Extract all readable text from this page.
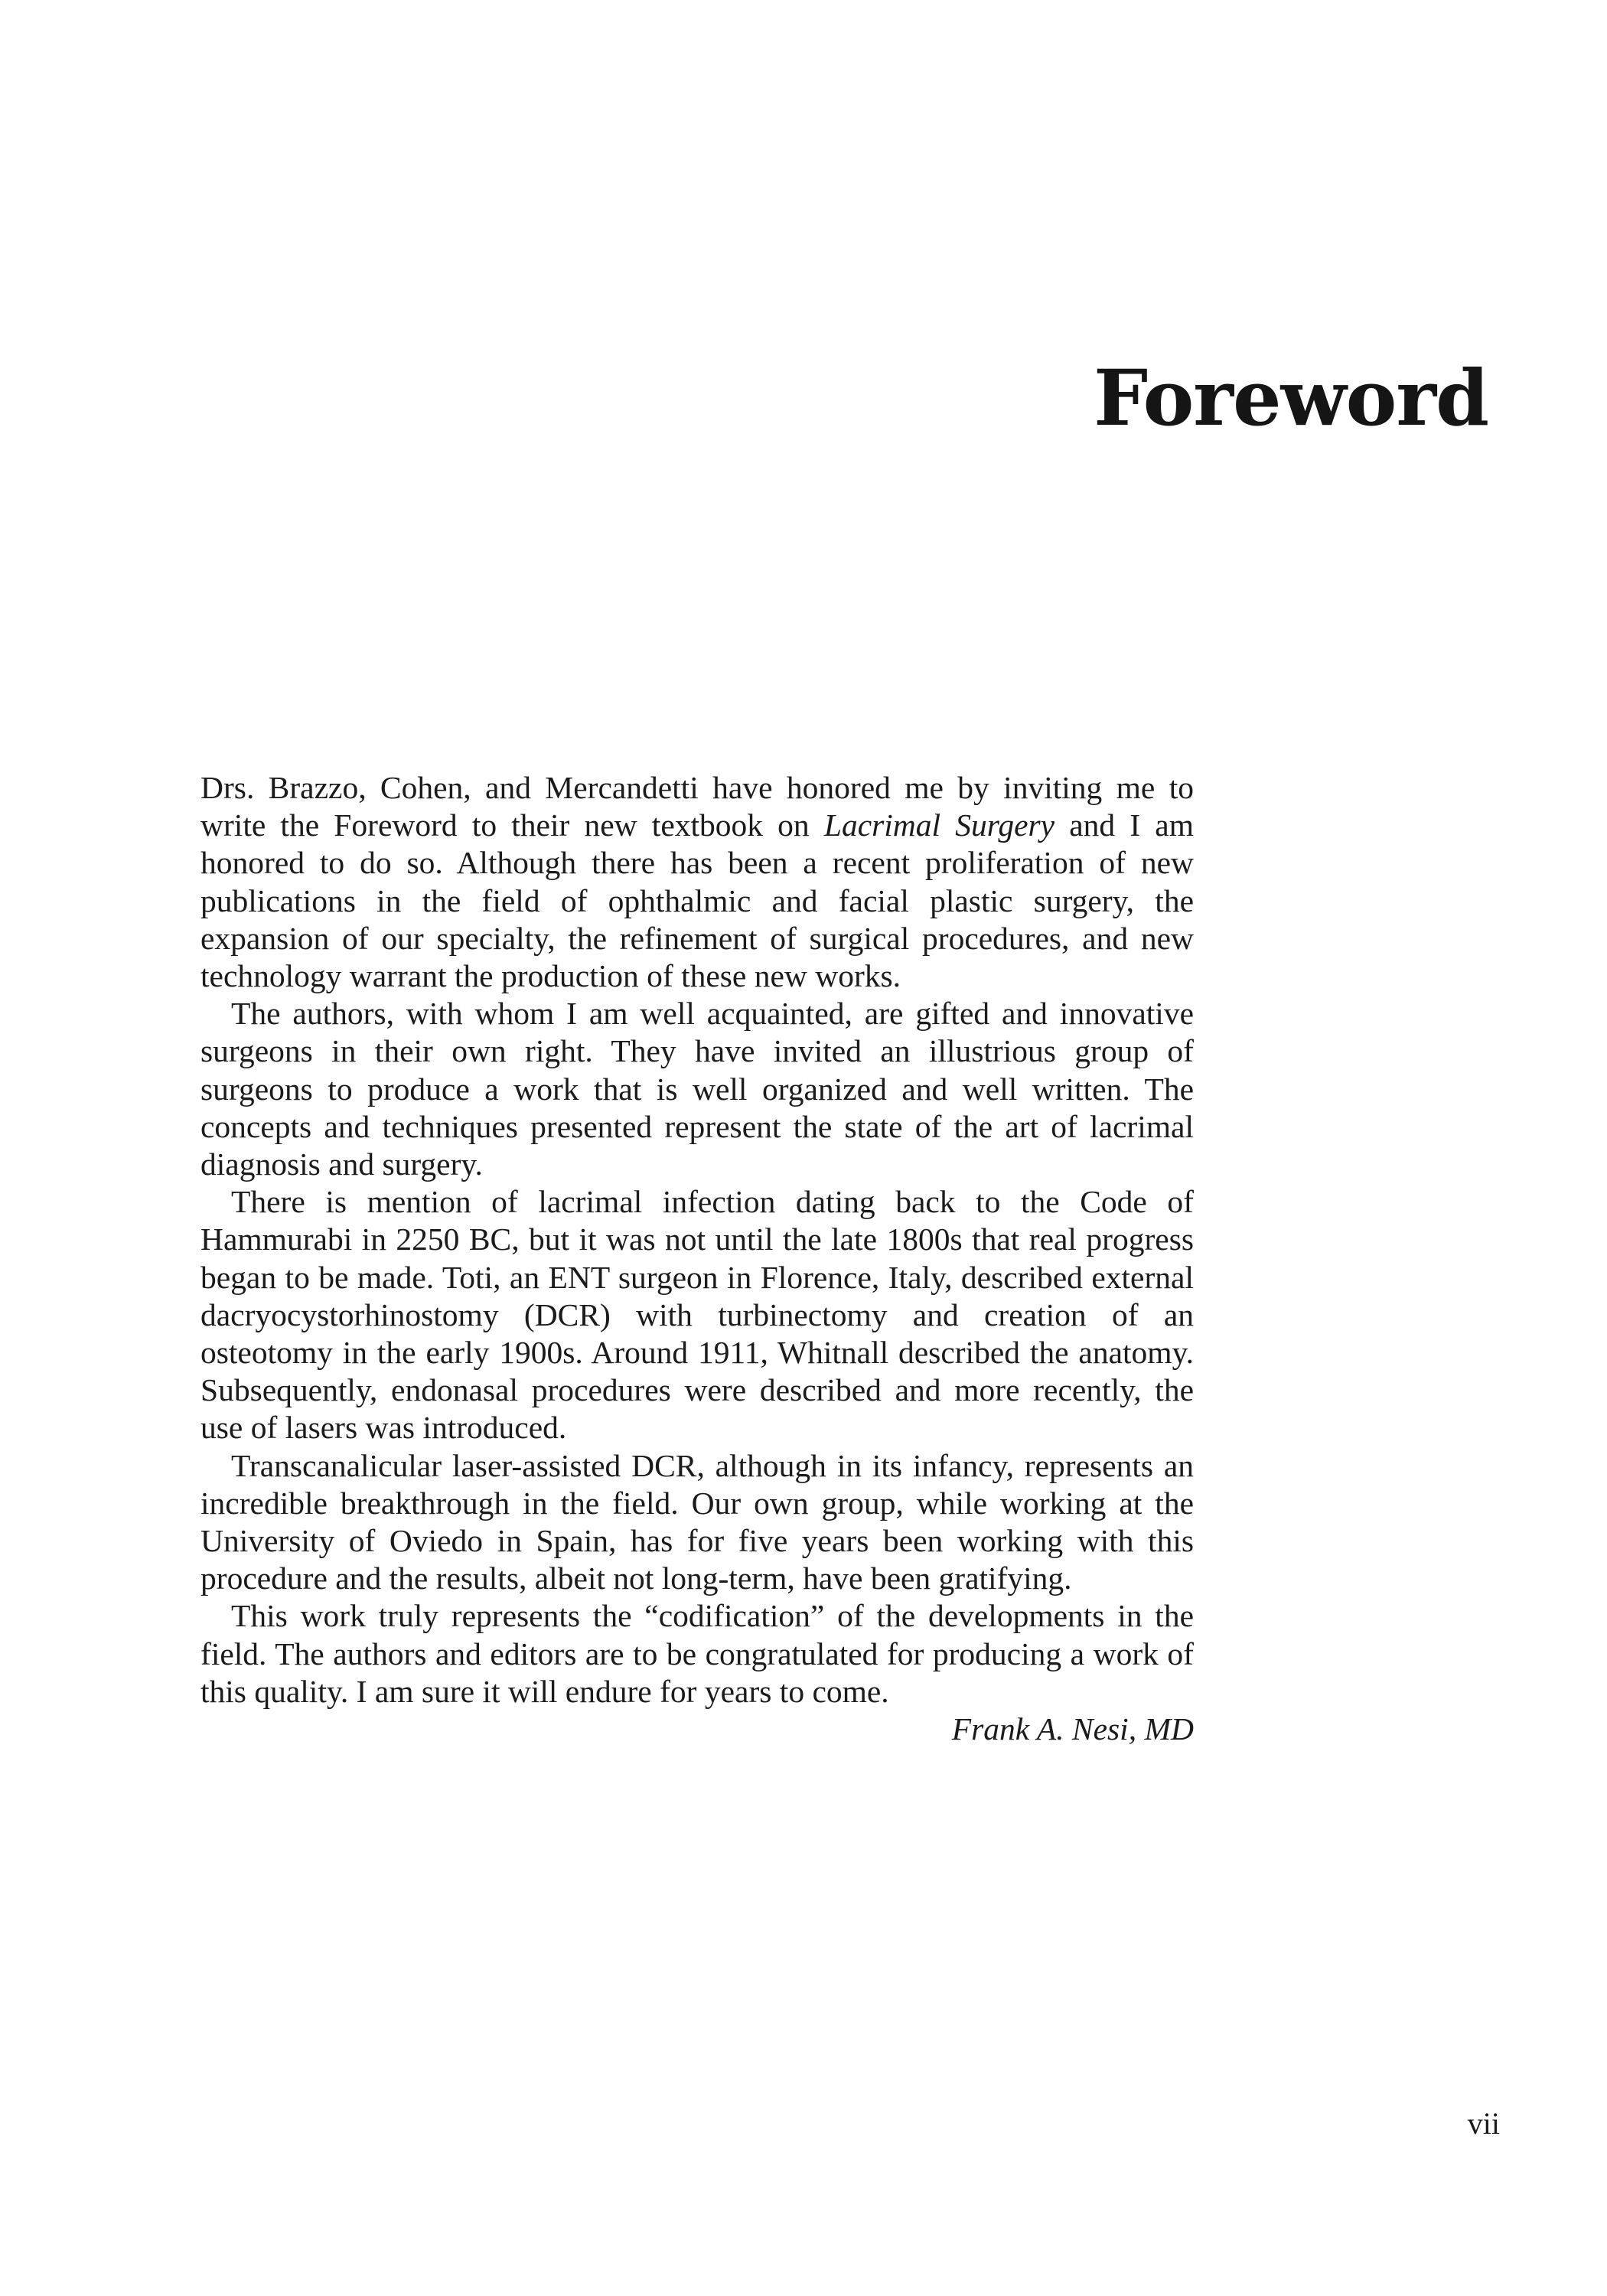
Foreword

Drs. Brazzo, Cohen, and Mercandetti have honored me by inviting me to write the Foreword to their new textbook on Lacrimal Surgery and I am honored to do so. Although there has been a recent proliferation of new publications in the field of ophthalmic and facial plastic surgery, the expansion of our specialty, the refinement of surgical procedures, and new technology warrant the production of these new works.

The authors, with whom I am well acquainted, are gifted and innovative surgeons in their own right. They have invited an illustrious group of surgeons to produce a work that is well organized and well written. The concepts and techniques presented represent the state of the art of lacrimal diagnosis and surgery.

There is mention of lacrimal infection dating back to the Code of Hammurabi in 2250 BC, but it was not until the late 1800s that real progress began to be made. Toti, an ENT surgeon in Florence, Italy, described external dacryocystorhinostomy (DCR) with turbinectomy and creation of an osteotomy in the early 1900s. Around 1911, Whitnall described the anatomy. Subsequently, endonasal procedures were described and more recently, the use of lasers was introduced.

Transcanalicular laser-assisted DCR, although in its infancy, represents an incredible breakthrough in the field. Our own group, while working at the University of Oviedo in Spain, has for five years been working with this procedure and the results, albeit not long-term, have been gratifying.

This work truly represents the “codification” of the developments in the field. The authors and editors are to be congratulated for producing a work of this quality. I am sure it will endure for years to come.

Frank A. Nesi, MD

vii
